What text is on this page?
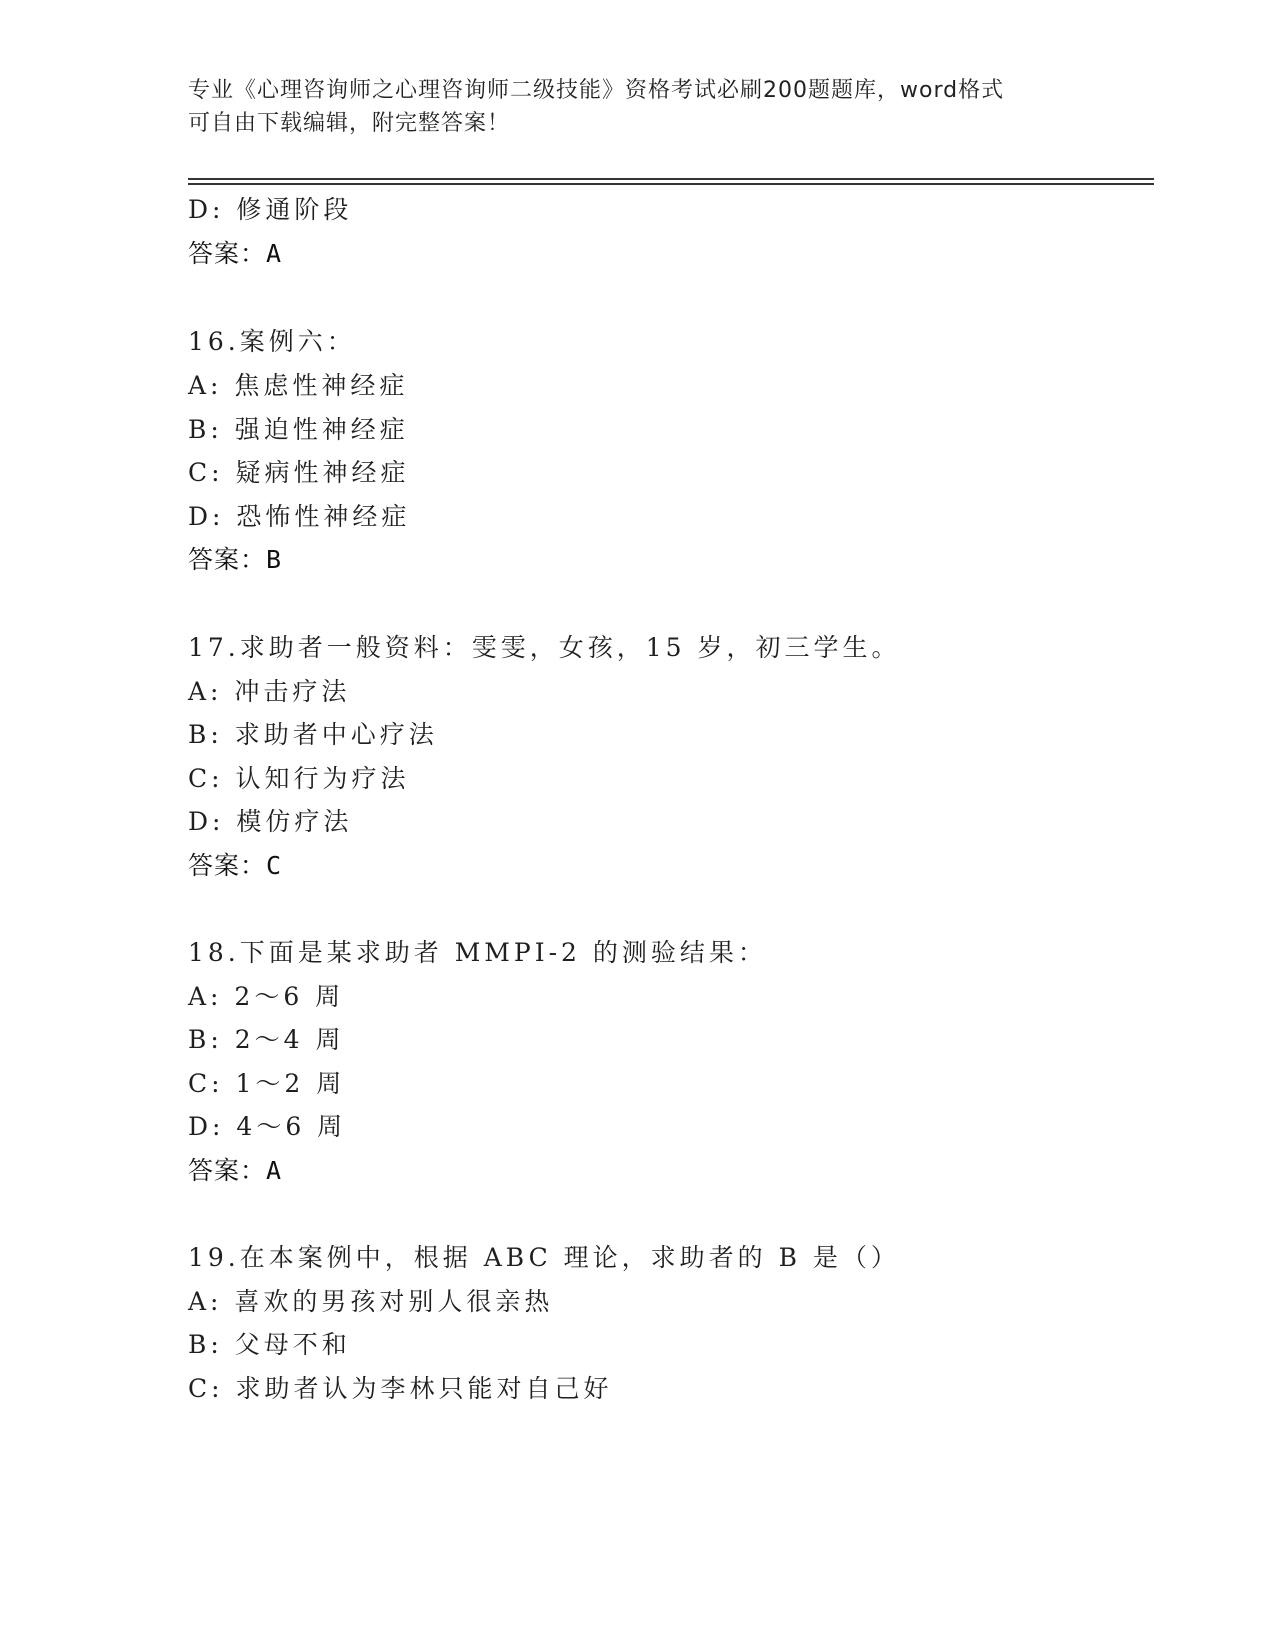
专业《心理咨询师之心理咨询师二级技能》资格考试必刷200题题库，word格式
可自由下载编辑，附完整答案！
D: 修通阶段
答案：A
16.案例六：
A: 焦虑性神经症
B: 强迫性神经症
C: 疑病性神经症
D: 恐怖性神经症
答案：B
17.求助者一般资料：雯雯，女孩，15 岁，初三学生。
A: 冲击疗法
B: 求助者中心疗法
C: 认知行为疗法
D: 模仿疗法
答案：C
18.下面是某求助者 MMPI-2 的测验结果：
A: 2～6 周
B: 2～4 周
C: 1～2 周
D: 4～6 周
答案：A
19.在本案例中，根据 ABC 理论，求助者的 B 是（）
A: 喜欢的男孩对别人很亲热
B: 父母不和
C: 求助者认为李林只能对自己好
